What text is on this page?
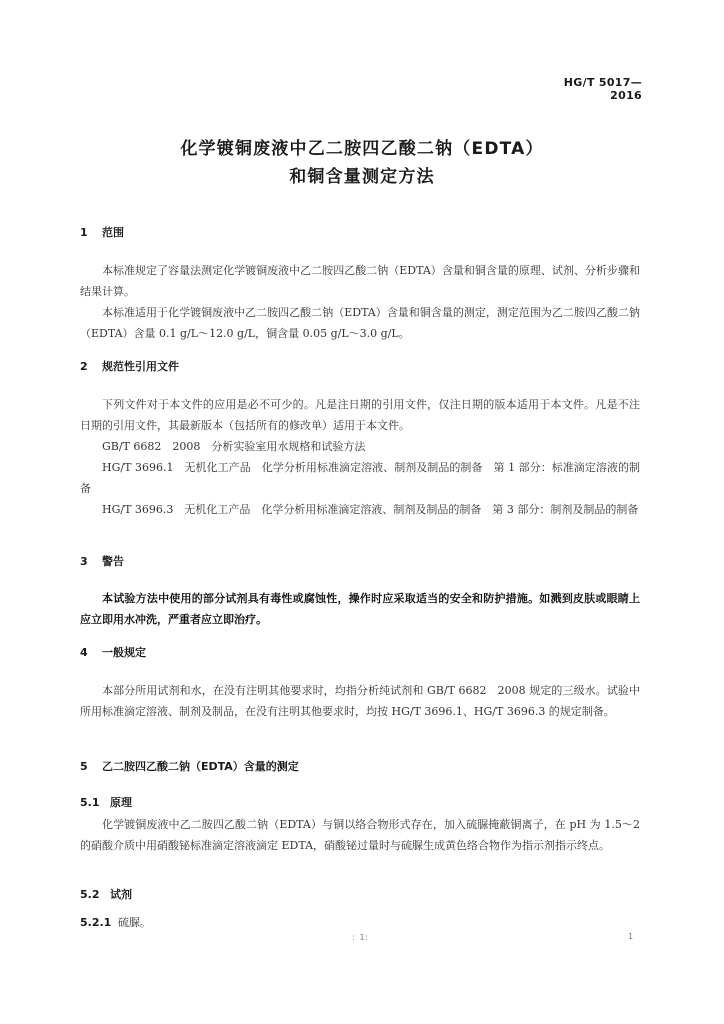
HG/T 5017—2016
化学镀铜废液中乙二胺四乙酸二钠（EDTA）
和铜含量测定方法
1 范围
本标准规定了容量法测定化学镀铜废液中乙二胺四乙酸二钠（EDTA）含量和铜含量的原理、试剂、分析步骤和结果计算。
本标准适用于化学镀铜废液中乙二胺四乙酸二钠（EDTA）含量和铜含量的测定，测定范围为乙二胺四乙酸二钠（EDTA）含量 0.1 g/L～12.0 g/L，铜含量 0.05 g/L～3.0 g/L。
2 规范性引用文件
下列文件对于本文件的应用是必不可少的。凡是注日期的引用文件，仅注日期的版本适用于本文件。凡是不注日期的引用文件，其最新版本（包括所有的修改单）适用于本文件。
GB/T 6682　2008　分析实验室用水规格和试验方法
HG/T 3696.1　无机化工产品　化学分析用标准滴定溶液、制剂及制品的制备　第 1 部分：标准滴定溶液的制备
HG/T 3696.3　无机化工产品　化学分析用标准滴定溶液、制剂及制品的制备　第 3 部分：制剂及制品的制备
3 警告
本试验方法中使用的部分试剂具有毒性或腐蚀性，操作时应采取适当的安全和防护措施。如溅到皮肤或眼睛上应立即用水冲洗，严重者应立即治疗。
4 一般规定
本部分所用试剂和水，在没有注明其他要求时，均指分析纯试剂和 GB/T 6682　2008 规定的三级水。试验中所用标准滴定溶液、制剂及制品，在没有注明其他要求时，均按 HG/T 3696.1、HG/T 3696.3 的规定制备。
5 乙二胺四乙酸二钠（EDTA）含量的测定
5.1 原理
化学镀铜废液中乙二胺四乙酸二钠（EDTA）与铜以络合物形式存在，加入硫脲掩蔽铜离子，在 pH 为 1.5～2 的硝酸介质中用硝酸铋标准滴定溶液滴定 EDTA，硝酸铋过量时与硫脲生成黄色络合物作为指示剂指示终点。
5.2 试剂
5.2.1 硫脲。
：1：	1
